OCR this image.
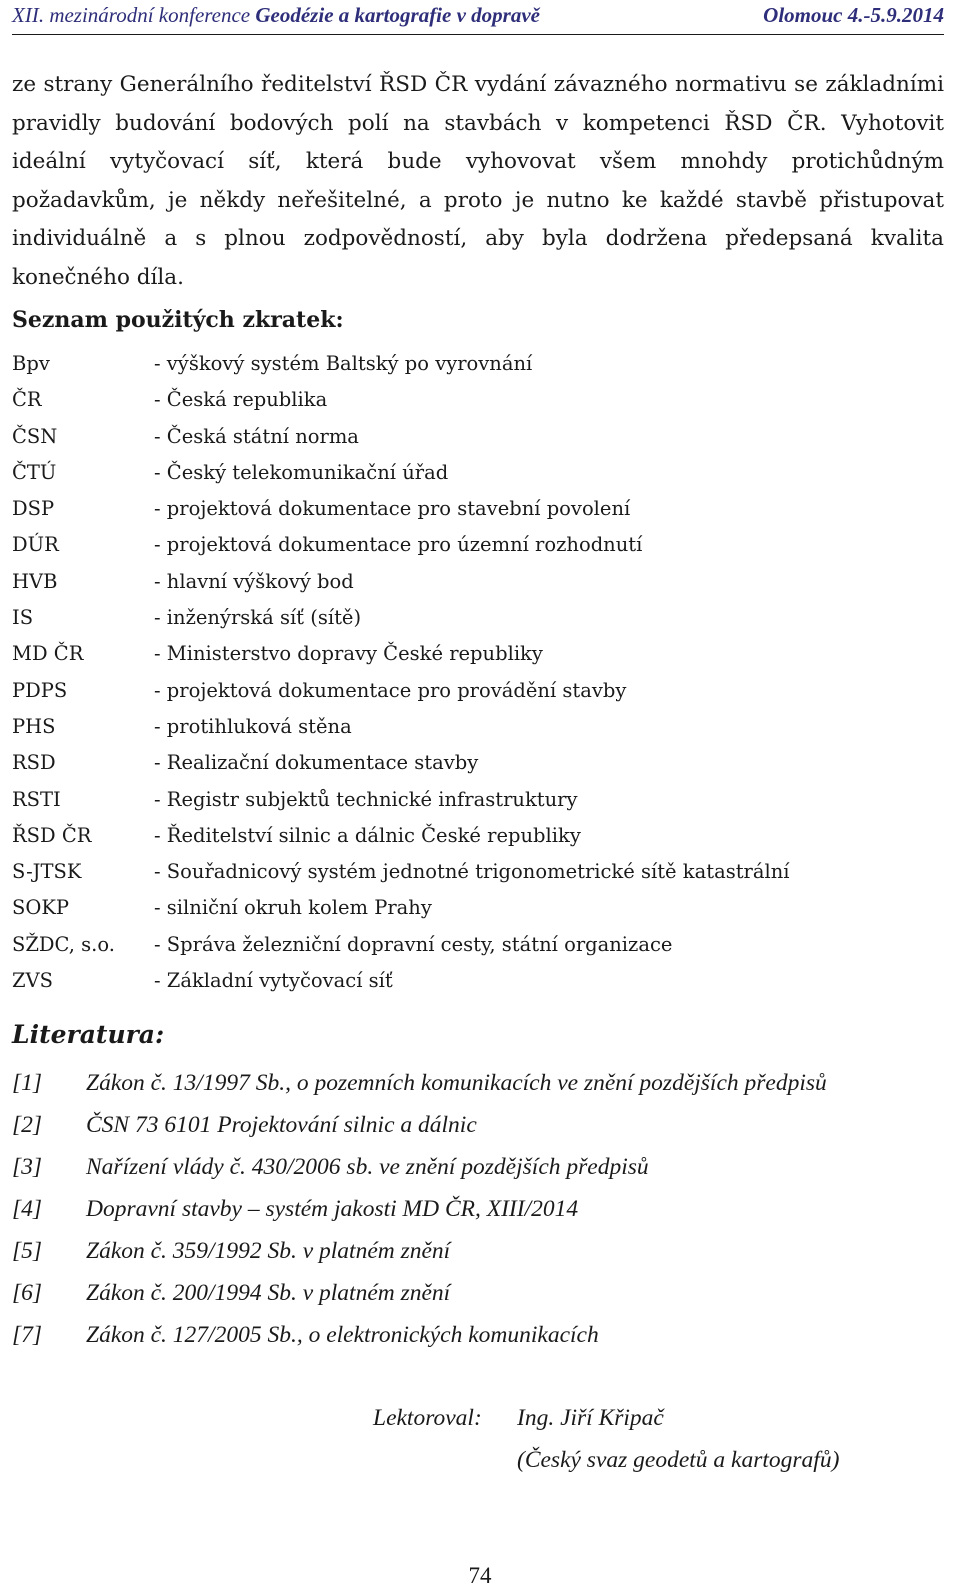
XII. mezinárodní konference Geodézie a kartografie v dopravě	Olomouc 4.-5.9.2014

ze strany Generálního ředitelství ŘSD ČR vydání závazného normativu se základními pravidly budování bodových polí na stavbách v kompetenci ŘSD ČR. Vyhotovit ideální vytyčovací síť, která bude vyhovovat všem mnohdy protichůdným požadavkům, je někdy neřešitelné, a proto je nutno ke každé stavbě přistupovat individuálně a s plnou zodpovědností, aby byla dodržena předepsaná kvalita konečného díla.

Seznam použitých zkratek:
Bpv	- výškový systém Baltský po vyrovnání
ČR	- Česká republika
ČSN	- Česká státní norma
ČTÚ	- Český telekomunikační úřad
DSP	- projektová dokumentace pro stavební povolení
DÚR	- projektová dokumentace pro územní rozhodnutí
HVB	- hlavní výškový bod
IS	- inženýrská síť (sítě)
MD ČR	- Ministerstvo dopravy České republiky
PDPS	- projektová dokumentace pro provádění stavby
PHS	- protihluková stěna
RSD	- Realizační dokumentace stavby
RSTI	- Registr subjektů technické infrastruktury
ŘSD ČR	- Ředitelství silnic a dálnic České republiky
S-JTSK	- Souřadnicový systém jednotné trigonometrické sítě katastrální
SOKP	- silniční okruh kolem Prahy
SŽDC, s.o. - Správa železniční dopravní cesty, státní organizace
ZVS	- Základní vytyčovací síť
Literatura:
[1] Zákon č. 13/1997 Sb., o pozemních komunikacích ve znění pozdějších předpisů
[2] ČSN 73 6101 Projektování silnic a dálnic
[3] Nařízení vlády č. 430/2006 sb. ve znění pozdějších předpisů
[4] Dopravní stavby – systém jakosti MD ČR, XIII/2014
[5] Zákon č. 359/1992 Sb. v platném znění
[6] Zákon č. 200/1994 Sb. v platném znění
[7] Zákon č. 127/2005 Sb., o elektronických komunikacích
Lektoroval: Ing. Jiří Křipač
(Český svaz geodetů a kartografů)
74
